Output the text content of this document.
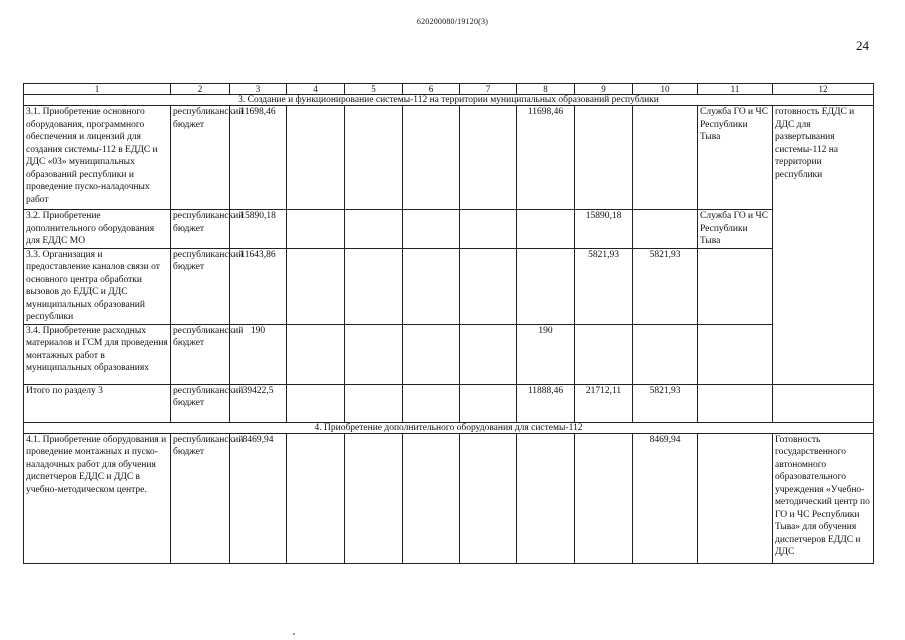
620200080/19120(3)
24
1	2	3	4	5	6	7	8	9	10	11	12
3. Создание и функционирование системы-112 на территории муниципальных образований республики											
3.1. Приобретение основного оборудования, программного обеспечения и лицензий для создания системы-112 в ЕДДС и ДДС «03» муниципальных образований республики и проведение пуско-наладочных работ	республиканский бюджет	11698,46					11698,46			Служба ГО и ЧС Республики Тыва	готовность ЕДДС и ДДС для развертывания системы-112 на территории республики
3.2. Приобретение дополнительного оборудования для ЕДДС МО	республиканский бюджет	15890,18						15890,18		Служба ГО и ЧС Республики Тыва	
3.3. Организация и предоставление каналов связи от основного центра обработки вызовов до ЕДДС и ДДС муниципальных образований республики	республиканский бюджет	11643,86						5821,93	5821,93		
3.4. Приобретение расходных материалов и ГСМ для проведения монтажных работ в муниципальных образованиях	республиканский бюджет	190					190				
Итого по разделу 3	республиканский бюджет	39422,5					11888,46	21712,11	5821,93		
4. Приобретение дополнительного оборудования для системы-112											
4.1. Приобретение оборудования и проведение монтажных и пуско-наладочных работ для обучения диспетчеров ЕДДС и ДДС в учебно-методическом центре.	республиканский бюджет	8469,94							8469,94		Готовность государственного автономного образовательного учреждения «Учебно-методический центр по ГО и ЧС Республики Тыва» для обучения диспетчеров ЕДДС и ДДС
